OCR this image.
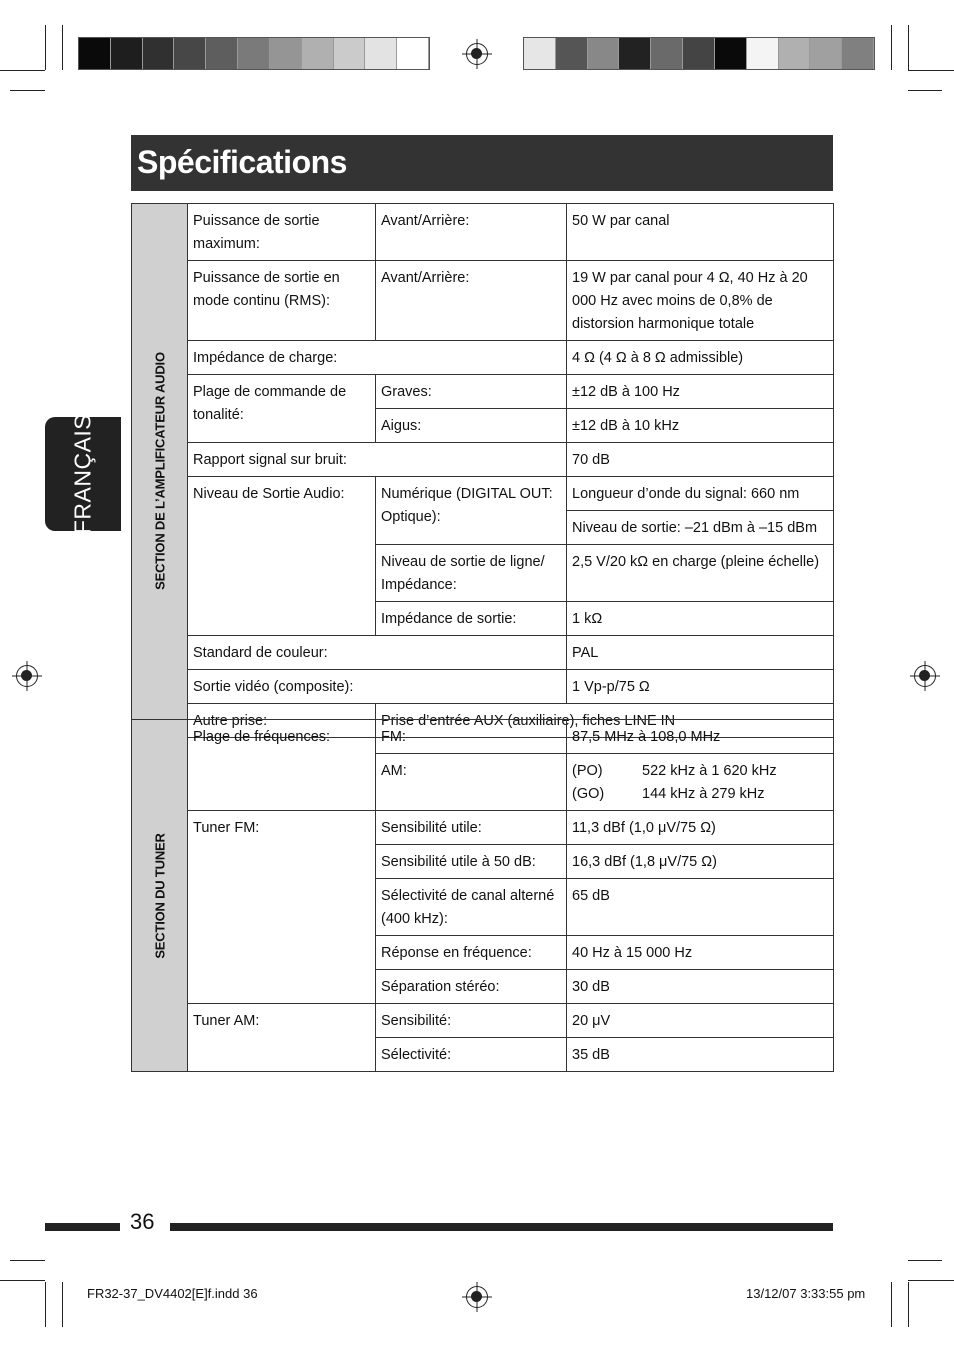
Spécifications
FRANÇAIS	SECTION DE L’AMPLIFICATEUR AUDIO	Puissance de sortie maximum:	Avant/Arrière:	50 W par canal
	Puissance de sortie en mode continu (RMS):	Avant/Arrière:	19 W par canal pour 4 Ω, 40 Hz à 20 000 Hz avec moins de 0,8% de distorsion harmonique totale
	Impédance de charge:		4 Ω (4 Ω à 8 Ω admissible)
	Plage de commande de tonalité:	Graves:	±12 dB à 100 Hz
		Aigus:	±12 dB à 10 kHz
	Rapport signal sur bruit:		70 dB
	Niveau de Sortie Audio:	Numérique (DIGITAL OUT: Optique):	Longueur d’onde du signal: 660 nm
			Niveau de sortie: –21 dBm à –15 dBm
		Niveau de sortie de ligne/ Impédance:	2,5 V/20 kΩ en charge (pleine échelle)
		Impédance de sortie:	1 kΩ
	Standard de couleur:		PAL
	Sortie vidéo (composite):		1 Vp-p/75 Ω
	Autre prise:	Prise d’entrée AUX (auxiliaire), fiches LINE IN	
SECTION DU TUNER	Plage de fréquences:	FM:	87,5 MHz à 108,0 MHz
		AM:	(PO) 522 kHz à 1 620 kHz
(GO) 144 kHz à 279 kHz
	Tuner FM:	Sensibilité utile:	11,3 dBf (1,0 μV/75 Ω)
		Sensibilité utile à 50 dB:	16,3 dBf (1,8 μV/75 Ω)
		Sélectivité de canal alterné (400 kHz):	65 dB
		Réponse en fréquence:	40 Hz à 15 000 Hz
		Séparation stéréo:	30 dB
	Tuner AM:	Sensibilité:	20 μV
		Sélectivité:	35 dB
36
FR32-37_DV4402[E]f.indd 36	13/12/07 3:33:55 pm
